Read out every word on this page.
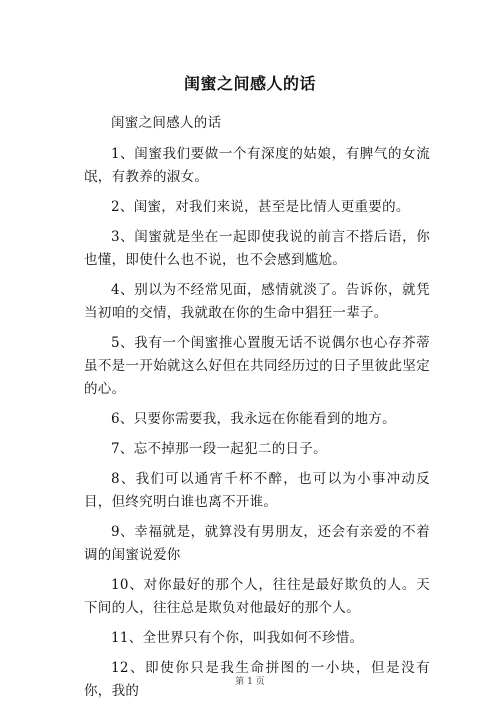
闺蜜之间感人的话

闺蜜之间感人的话

1、闺蜜我们要做一个有深度的姑娘，有脾气的女流氓，有教养的淑女。

2、闺蜜，对我们来说，甚至是比情人更重要的。

3、闺蜜就是坐在一起即使我说的前言不搭后语，你也懂，即使什么也不说，也不会感到尴尬。

4、别以为不经常见面，感情就淡了。告诉你，就凭当初咱的交情，我就敢在你的生命中猖狂一辈子。

5、我有一个闺蜜推心置腹无话不说偶尔也心存芥蒂虽不是一开始就这么好但在共同经历过的日子里彼此坚定的心。

6、只要你需要我，我永远在你能看到的地方。

7、忘不掉那一段一起犯二的日子。

8、我们可以通宵千杯不醉，也可以为小事冲动反目，但终究明白谁也离不开谁。

9、幸福就是，就算没有男朋友，还会有亲爱的不着调的闺蜜说爱你

10、对你最好的那个人，往往是最好欺负的人。天下间的人，往往总是欺负对他最好的那个人。

11、全世界只有个你，叫我如何不珍惜。

12、即使你只是我生命拼图的一小块，但是没有你，我的

第 1 页
